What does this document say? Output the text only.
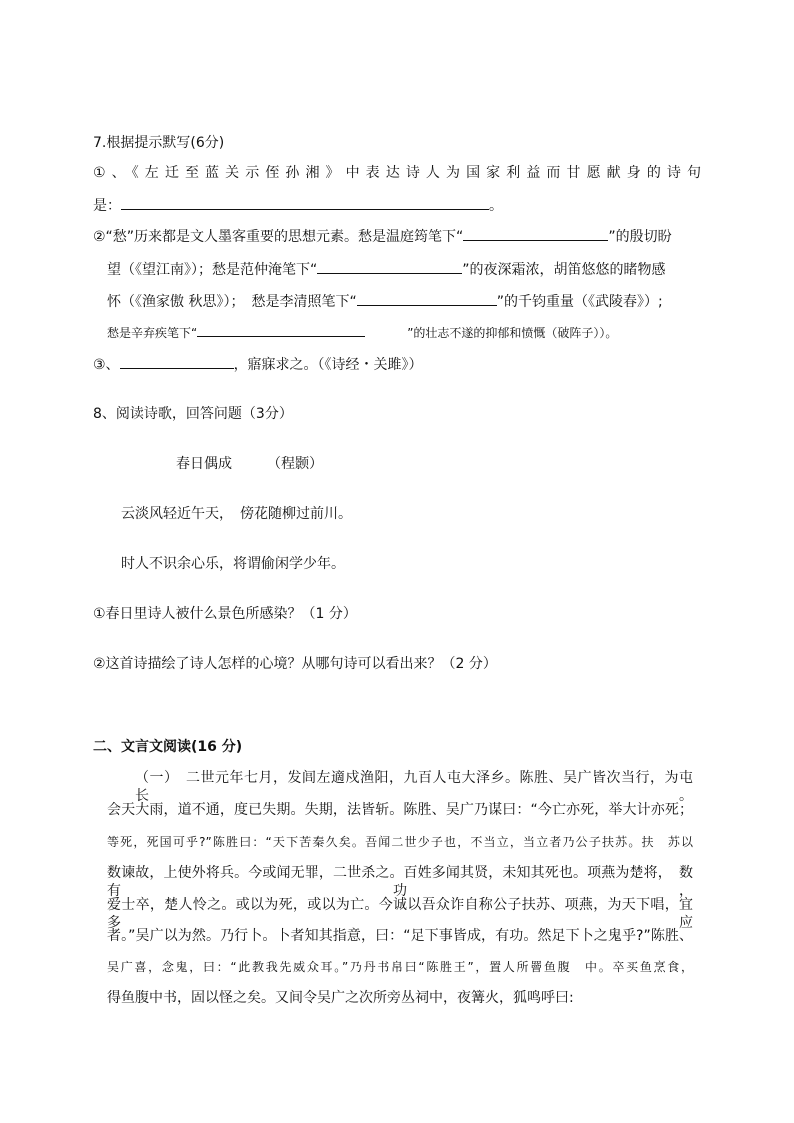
7.根据提示默写(6分)
①、《左迁至蓝关示侄孙湘》中表达诗人为国家利益而甘愿献身的诗句
是：	。
②“愁”历来都是文人墨客重要的思想元素。愁是温庭筠笔下“	”的殷切盼
望（《望江南》）；愁是范仲淹笔下“	”的夜深霜浓，胡笛悠悠的睹物感
怀（《渔家傲 秋思》）；　愁是李清照笔下“	”的千钧重量（《武陵春》）;
愁是辛弃疾笔下“	”的壮志不遂的抑郁和愤慨（破阵子））。
③、	，寤寐求之。（《诗经・关雎》）
8、阅读诗歌，回答问题（3分）
春日偶成	（程颢）
云淡风轻近午天，　傍花随柳过前川。
时人不识余心乐，将谓偷闲学少年。
①春日里诗人被什么景色所感染？（1 分）
②这首诗描绘了诗人怎样的心境？从哪句诗可以看出来？（2 分）
二、文言文阅读(16 分)
（一）　二世元年七月，发闾左適戍渔阳，九百人屯大泽乡。陈胜、吴广皆次当行，为屯长。
会天大雨，道不通，度已失期。失期，法皆斩。陈胜、吴广乃谋曰：“今亡亦死，举大计亦死；
等死，死国可乎?”陈胜曰：“天下苦秦久矣。吾闻二世少子也，不当立，当立者乃公子扶苏。扶　苏以
数谏故，上使外将兵。今或闻无罪，二世杀之。百姓多闻其贤，未知其死也。项燕为楚将，　数有功，
爱士卒，楚人怜之。或以为死，或以为亡。今诚以吾众诈自称公子扶苏、项燕，为天下唱，宜多应
者。”吴广以为然。乃行卜。卜者知其指意，曰：“足下事皆成，有功。然足下卜之鬼乎?”陈胜、
吴广喜，念鬼，曰：“此教我先威众耳。”乃丹书帛曰“陈胜王”，置人所罾鱼腹　中。卒买鱼烹食，
得鱼腹中书，固以怪之矣。又间令吴广之次所旁丛祠中，夜篝火，狐鸣呼曰:
